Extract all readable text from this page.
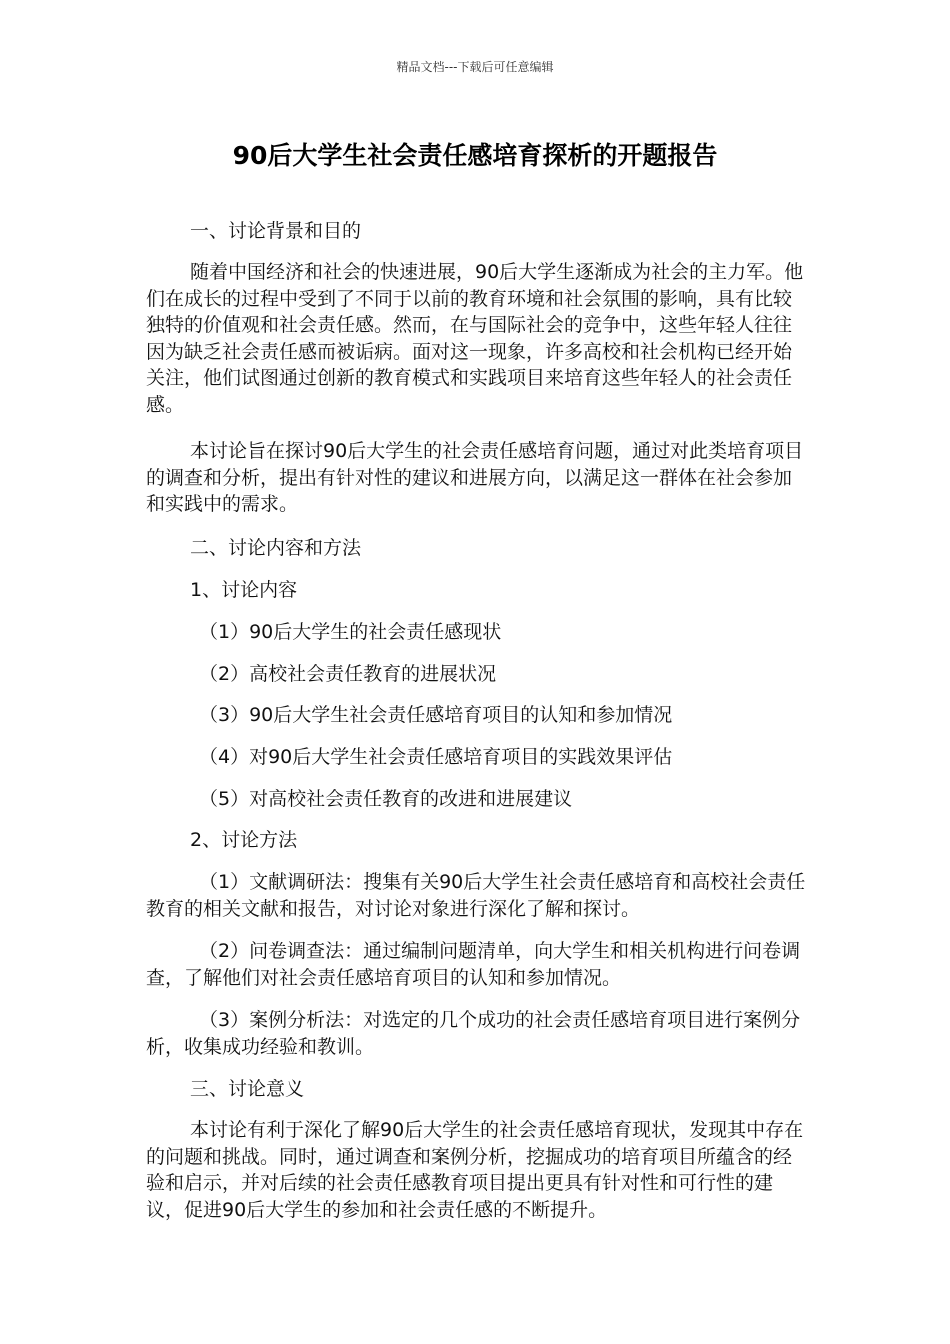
精品文档---下载后可任意编辑
90后大学生社会责任感培育探析的开题报告
一、讨论背景和目的

随着中国经济和社会的快速进展，90后大学生逐渐成为社会的主力军。他们在成长的过程中受到了不同于以前的教育环境和社会氛围的影响，具有比较独特的价值观和社会责任感。然而，在与国际社会的竞争中，这些年轻人往往因为缺乏社会责任感而被诟病。面对这一现象，许多高校和社会机构已经开始关注，他们试图通过创新的教育模式和实践项目来培育这些年轻人的社会责任感。

本讨论旨在探讨90后大学生的社会责任感培育问题，通过对此类培育项目的调查和分析，提出有针对性的建议和进展方向，以满足这一群体在社会参加和实践中的需求。

二、讨论内容和方法
1、讨论内容
（1）90后大学生的社会责任感现状
（2）高校社会责任教育的进展状况
（3）90后大学生社会责任感培育项目的认知和参加情况
（4）对90后大学生社会责任感培育项目的实践效果评估
（5）对高校社会责任教育的改进和进展建议
2、讨论方法

（1）文献调研法：搜集有关90后大学生社会责任感培育和高校社会责任教育的相关文献和报告，对讨论对象进行深化了解和探讨。

（2）问卷调查法：通过编制问题清单，向大学生和相关机构进行问卷调查，了解他们对社会责任感培育项目的认知和参加情况。

（3）案例分析法：对选定的几个成功的社会责任感培育项目进行案例分析，收集成功经验和教训。

三、讨论意义

本讨论有利于深化了解90后大学生的社会责任感培育现状，发现其中存在的问题和挑战。同时，通过调查和案例分析，挖掘成功的培育项目所蕴含的经验和启示，并对后续的社会责任感教育项目提出更具有针对性和可行性的建议，促进90后大学生的参加和社会责任感的不断提升。
